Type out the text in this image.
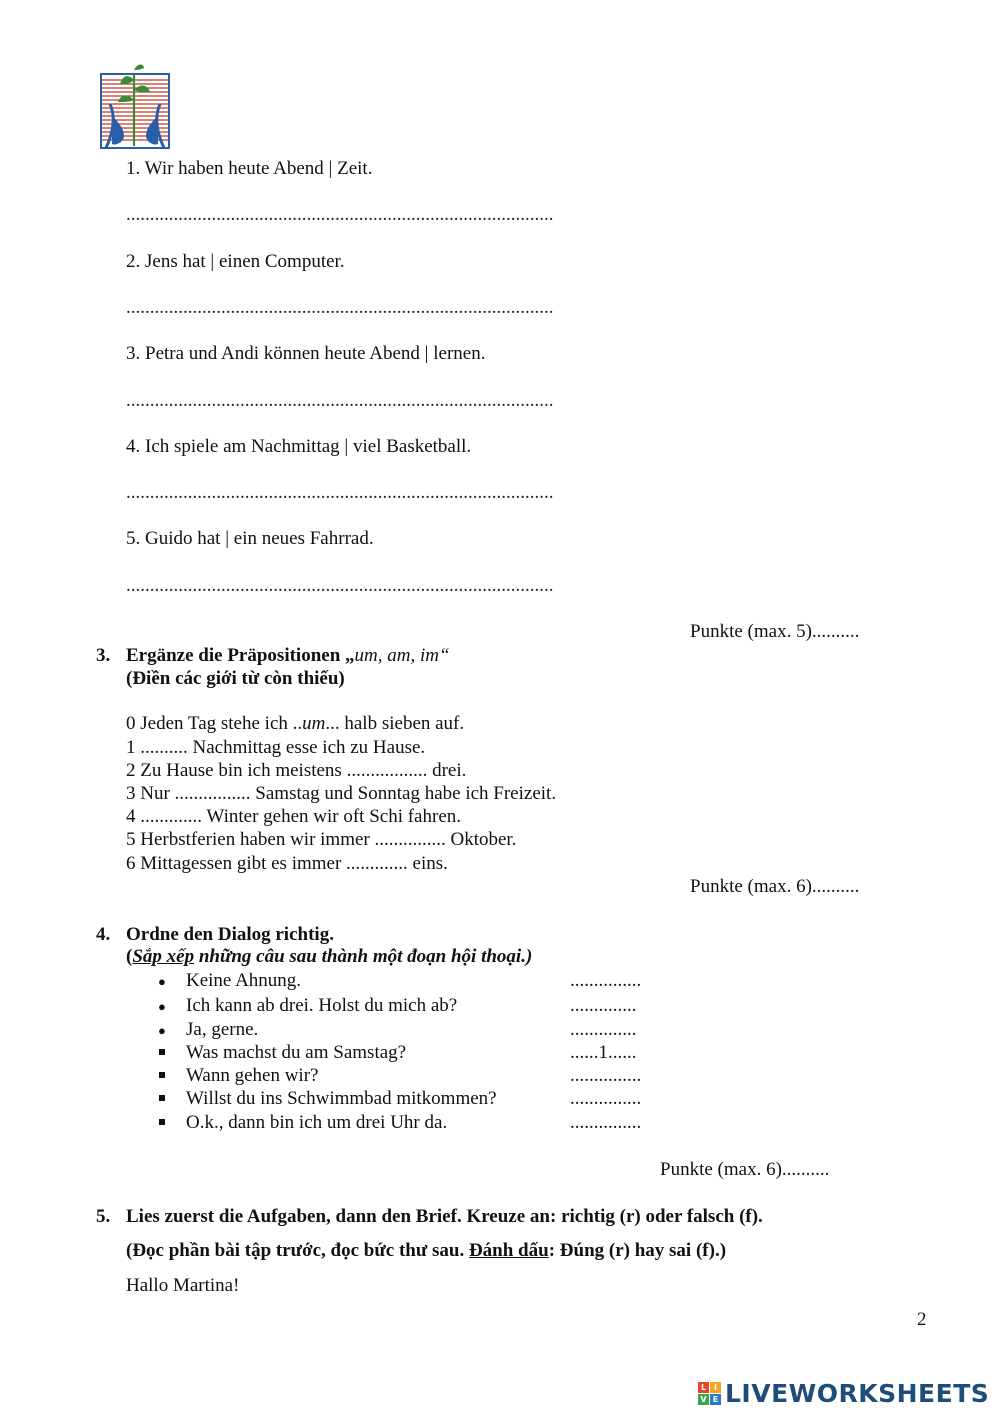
1. Wir haben heute Abend | Zeit.
..........................................................................................
2. Jens hat | einen Computer.
..........................................................................................
3. Petra und Andi können heute Abend | lernen.
..........................................................................................
4. Ich spiele am Nachmittag | viel Basketball.
..........................................................................................
5. Guido hat | ein neues Fahrrad.
..........................................................................................
Punkte (max. 5)..........
3. Ergänze die Präpositionen „um, am, im“
(Điền các giới từ còn thiếu)
0 Jeden Tag stehe ich ..um... halb sieben auf.
1 .......... Nachmittag esse ich zu Hause.
2 Zu Hause bin ich meistens ................. drei.
3 Nur ................ Samstag und Sonntag habe ich Freizeit.
4 ............. Winter gehen wir oft Schi fahren.
5 Herbstferien haben wir immer ............... Oktober.
6 Mittagessen gibt es immer ............. eins.
Punkte (max. 6)..........
4. Ordne den Dialog richtig.
(Sắp xếp những câu sau thành một đoạn hội thoại.)
● Keine Ahnung.	...............
● Ich kann ab drei. Holst du mich ab?	..............
● Ja, gerne.	..............
Was machst du am Samstag?	......1......
Wann gehen wir?	...............
Willst du ins Schwimmbad mitkommen?	...............
O.k., dann bin ich um drei Uhr da.	...............
Punkte (max. 6)..........
5. Lies zuerst die Aufgaben, dann den Brief. Kreuze an: richtig (r) oder falsch (f).
(Đọc phần bài tập trước, đọc bức thư sau. Đánh dấu: Đúng (r) hay sai (f).)
Hallo Martina!
2
L I
V E LIVEWORKSHEETS
